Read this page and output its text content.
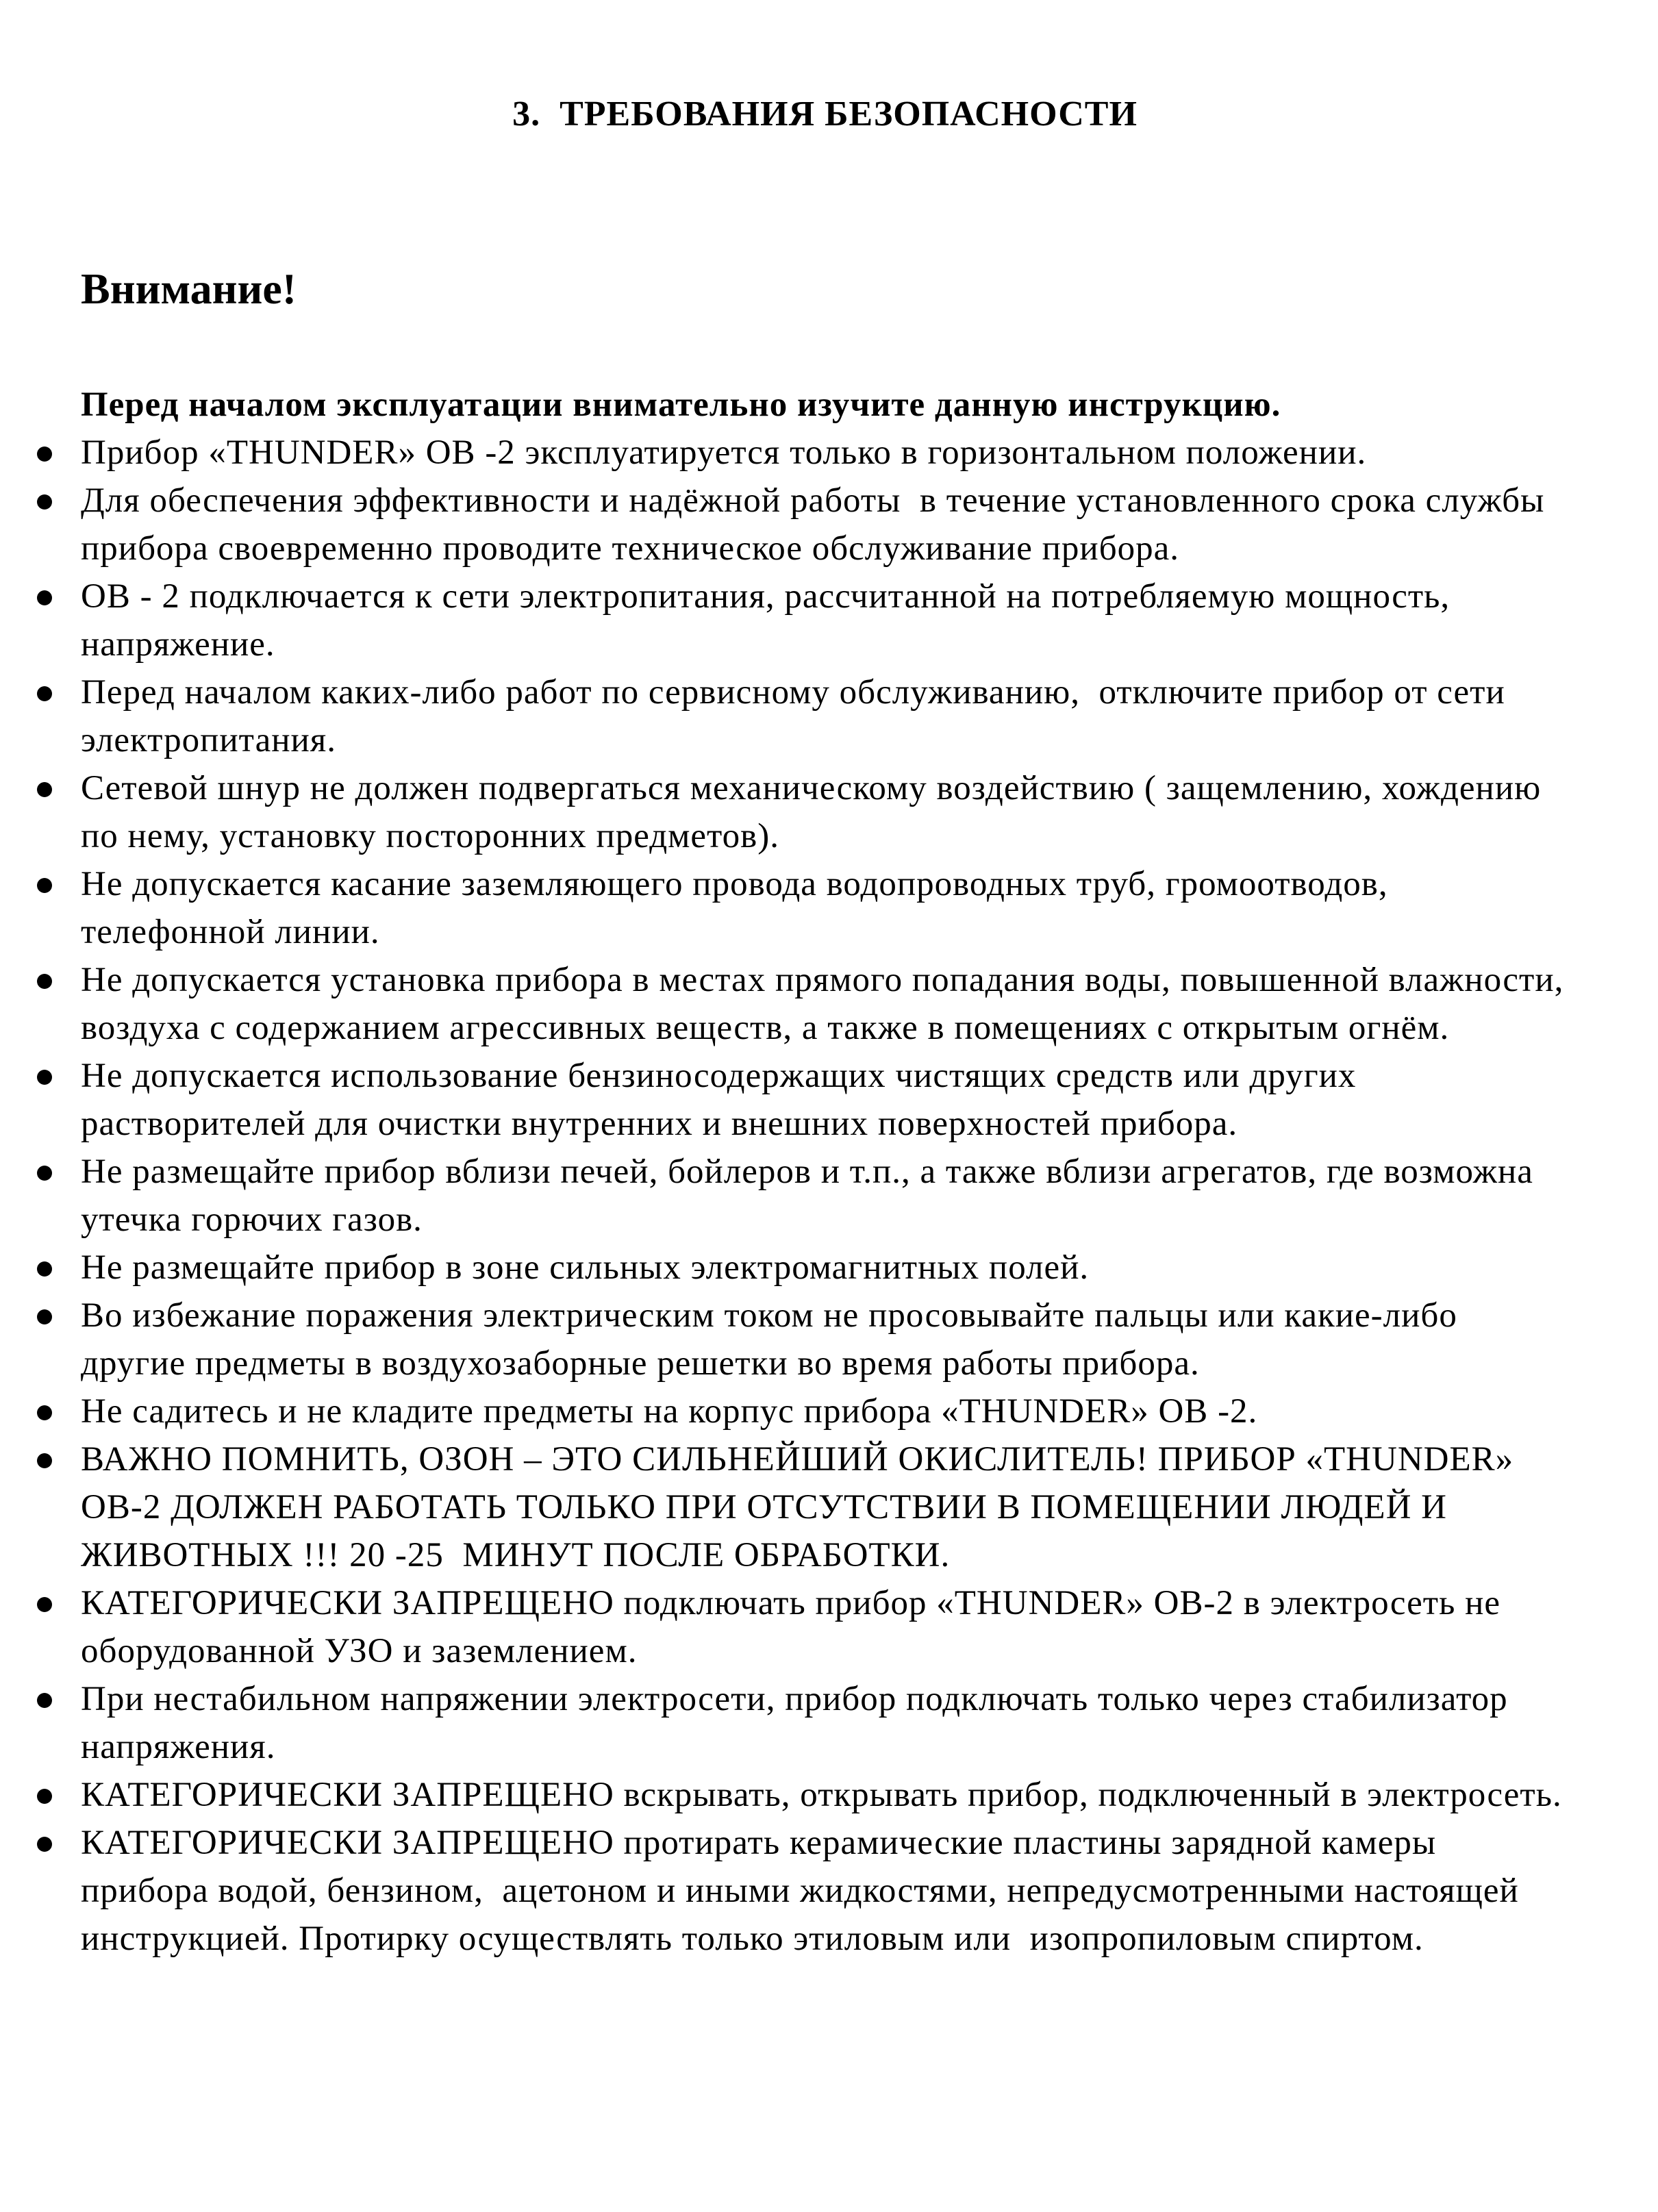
3.  ТРЕБОВАНИЯ БЕЗОПАСНОСТИ
Внимание!

Перед началом эксплуатации внимательно изучите данную инструкцию.

Прибор «THUNDER» ОВ -2 эксплуатируется только в горизонтальном положении.
Для обеспечения эффективности и надёжной работы  в течение установленного срока службы прибора своевременно проводите техническое обслуживание прибора.
ОВ - 2 подключается к сети электропитания, рассчитанной на потребляемую мощность, напряжение.
Перед началом каких-либо работ по сервисному обслуживанию,  отключите прибор от сети электропитания.
Сетевой шнур не должен подвергаться механическому воздействию ( защемлению, хождению по нему, установку посторонних предметов).
Не допускается касание заземляющего провода водопроводных труб, громоотводов, телефонной линии.
Не допускается установка прибора в местах прямого попадания воды, повышенной влажности,  воздуха с содержанием агрессивных веществ, а также в помещениях с открытым огнём.
Не допускается использование бензиносодержащих чистящих средств или других растворителей для очистки внутренних и внешних поверхностей прибора.
Не размещайте прибор вблизи печей, бойлеров и т.п., а также вблизи агрегатов, где возможна утечка горючих газов.
Не размещайте прибор в зоне сильных электромагнитных полей.
Во избежание поражения электрическим током не просовывайте пальцы или какие-либо другие предметы в воздухозаборные решетки во время работы прибора.
Не садитесь и не кладите предметы на корпус прибора «THUNDER» ОВ -2.
ВАЖНО ПОМНИТЬ, ОЗОН – ЭТО СИЛЬНЕЙШИЙ ОКИСЛИТЕЛЬ! ПРИБОР «THUNDER» ОВ-2 ДОЛЖЕН РАБОТАТЬ ТОЛЬКО ПРИ ОТСУТСТВИИ В ПОМЕЩЕНИИ ЛЮДЕЙ И ЖИВОТНЫХ !!! 20 -25  МИНУТ ПОСЛЕ ОБРАБОТКИ.
КАТЕГОРИЧЕСКИ ЗАПРЕЩЕНО подключать прибор «THUNDER» ОВ-2 в электросеть не оборудованной УЗО и заземлением.
При нестабильном напряжении электросети, прибор подключать только через стабилизатор напряжения.
КАТЕГОРИЧЕСКИ ЗАПРЕЩЕНО вскрывать, открывать прибор, подключенный в электросеть.
КАТЕГОРИЧЕСКИ ЗАПРЕЩЕНО протирать керамические пластины зарядной камеры прибора водой, бензином,  ацетоном и иными жидкостями, непредусмотренными настоящей инструкцией. Протирку осуществлять только этиловым или  изопропиловым спиртом.
